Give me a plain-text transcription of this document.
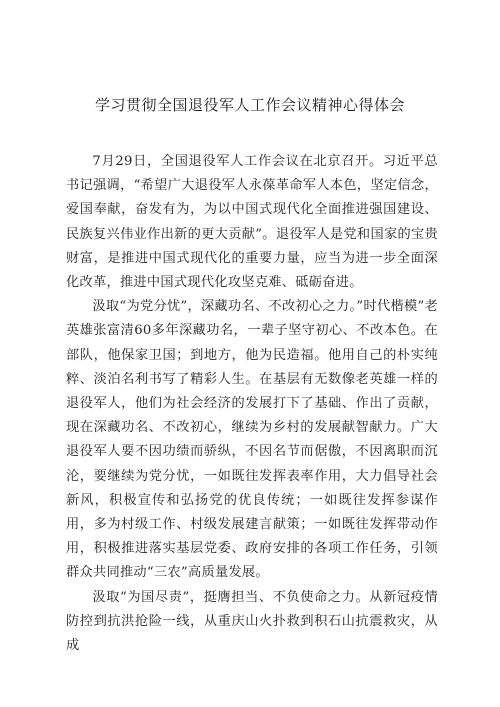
学习贯彻全国退役军人工作会议精神心得体会

7月29日，全国退役军人工作会议在北京召开。习近平总书记强调，“希望广大退役军人永葆革命军人本色，坚定信念，爱国奉献，奋发有为，为以中国式现代化全面推进强国建设、民族复兴伟业作出新的更大贡献”。退役军人是党和国家的宝贵财富，是推进中国式现代化的重要力量，应当为进一步全面深化改革，推进中国式现代化攻坚克难、砥砺奋进。

汲取“为党分忧”，深藏功名、不改初心之力。”时代楷模”老英雄张富清60多年深藏功名，一辈子坚守初心、不改本色。在部队，他保家卫国；到地方，他为民造福。他用自己的朴实纯粹、淡泊名利书写了精彩人生。在基层有无数像老英雄一样的退役军人，他们为社会经济的发展打下了基础、作出了贡献，现在深藏功名、不改初心，继续为乡村的发展献智献力。广大退役军人要不因功绩而骄纵，不因名节而倨傲，不因离职而沉沦，要继续为党分忧，一如既往发挥表率作用，大力倡导社会新风，积极宣传和弘扬党的优良传统；一如既往发挥参谋作用，多为村级工作、村级发展建言献策；一如既往发挥带动作用，积极推进落实基层党委、政府安排的各项工作任务，引领群众共同推动“三农”高质量发展。

汲取“为国尽责”，挺膺担当、不负使命之力。从新冠疫情防控到抗洪抢险一线，从重庆山火扑救到积石山抗震救灾，从成
